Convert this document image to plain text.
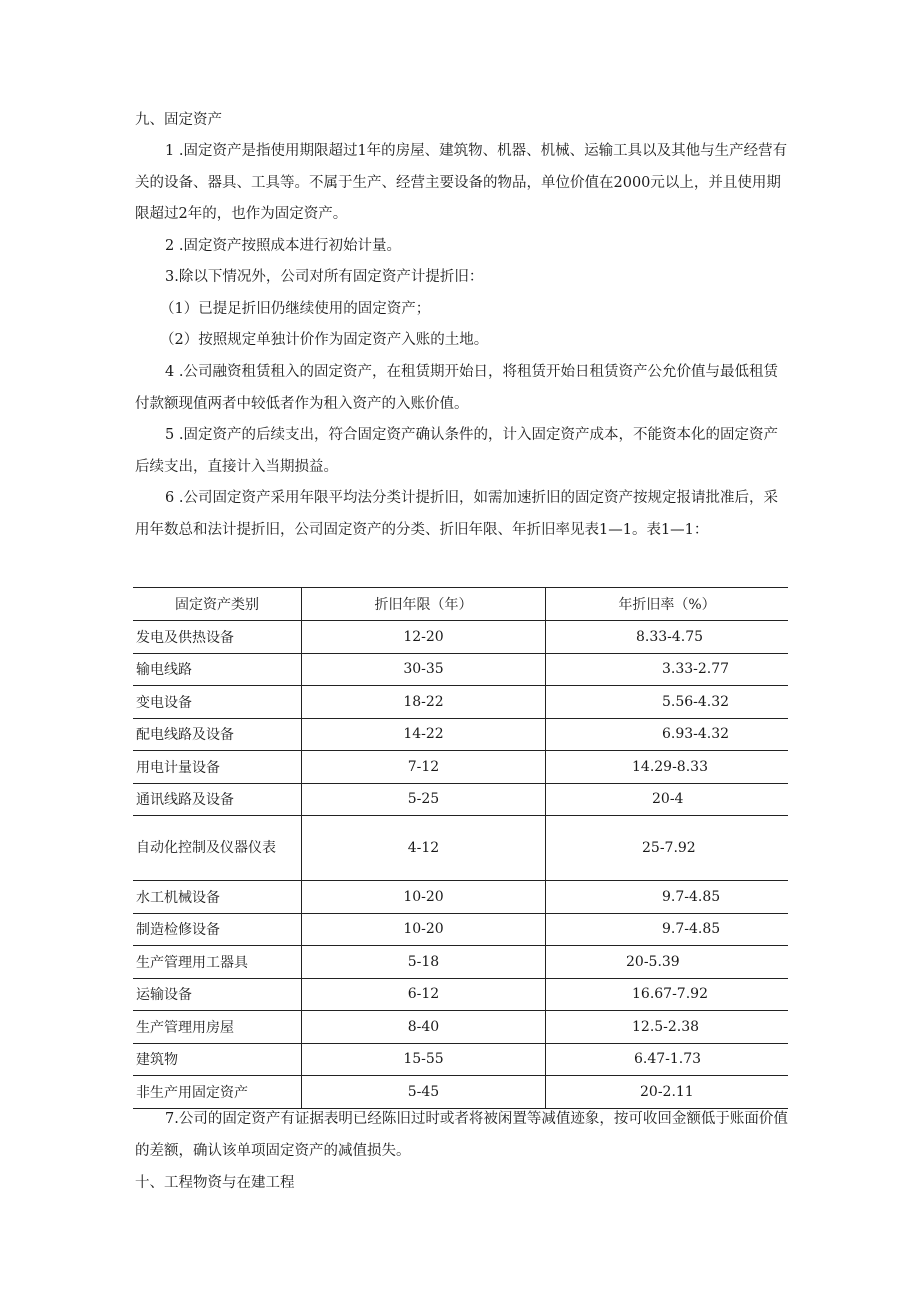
九、固定资产

1 .固定资产是指使用期限超过1年的房屋、建筑物、机器、机械、运输工具以及其他与生产经营有关的设备、器具、工具等。不属于生产、经营主要设备的物品，单位价值在2000元以上，并且使用期限超过2年的，也作为固定资产。

2 .固定资产按照成本进行初始计量。

3.除以下情况外，公司对所有固定资产计提折旧：

（1）已提足折旧仍继续使用的固定资产；

（2）按照规定单独计价作为固定资产入账的土地。

4 .公司融资租赁租入的固定资产，在租赁期开始日，将租赁开始日租赁资产公允价值与最低租赁付款额现值两者中较低者作为租入资产的入账价值。

5 .固定资产的后续支出，符合固定资产确认条件的，计入固定资产成本，不能资本化的固定资产后续支出，直接计入当期损益。

6 .公司固定资产采用年限平均法分类计提折旧，如需加速折旧的固定资产按规定报请批准后，采用年数总和法计提折旧，公司固定资产的分类、折旧年限、年折旧率见表1—1。表1—1：

固定资产类别	折旧年限（年）	年折旧率（%）
发电及供热设备	12-20	8.33-4.75
输电线路	30-35	3.33-2.77
变电设备	18-22	5.56-4.32
配电线路及设备	14-22	6.93-4.32
用电计量设备	7-12	14.29-8.33
通讯线路及设备	5-25	20-4
自动化控制及仪器仪表	4-12	25-7.92
水工机械设备	10-20	9.7-4.85
制造检修设备	10-20	9.7-4.85
生产管理用工器具	5-18	20-5.39
运输设备	6-12	16.67-7.92
生产管理用房屋	8-40	12.5-2.38
建筑物	15-55	6.47-1.73
非生产用固定资产	5-45	20-2.11

7.公司的固定资产有证据表明已经陈旧过时或者将被闲置等减值迹象，按可收回金额低于账面价值的差额，确认该单项固定资产的减值损失。

十、工程物资与在建工程
